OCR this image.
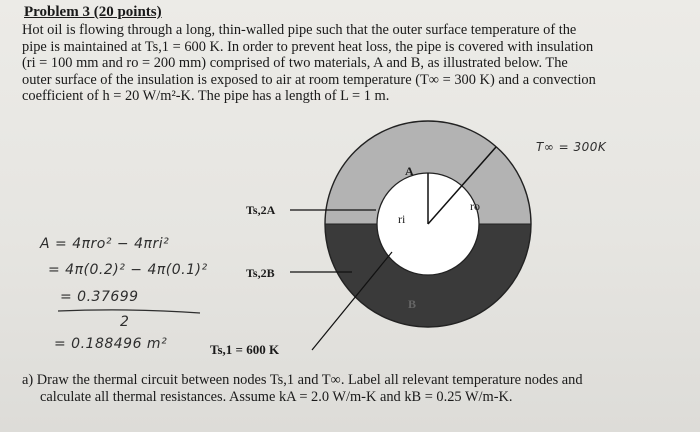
Problem 3 (20 points)
Hot oil is flowing through a long, thin-walled pipe such that the outer surface temperature of the
pipe is maintained at Ts,1 = 600 K. In order to prevent heat loss, the pipe is covered with insulation
(ri = 100 mm and ro = 200 mm) comprised of two materials, A and B, as illustrated below. The
outer surface of the insulation is exposed to air at room temperature (T∞ = 300 K) and a convection
coefficient of h = 20 W/m²-K. The pipe has a length of L = 1 m.
A
B
ri
ro
Ts,2A
Ts,2B
Ts,1 = 600 K
T∞ = 300K
A = 4πro² − 4πri²
= 4π(0.2)² − 4π(0.1)²
= 0.37699
2
= 0.188496 m²
a) Draw the thermal circuit between nodes Ts,1 and T∞. Label all relevant temperature nodes and
calculate all thermal resistances. Assume kA = 2.0 W/m-K and kB = 0.25 W/m-K.
